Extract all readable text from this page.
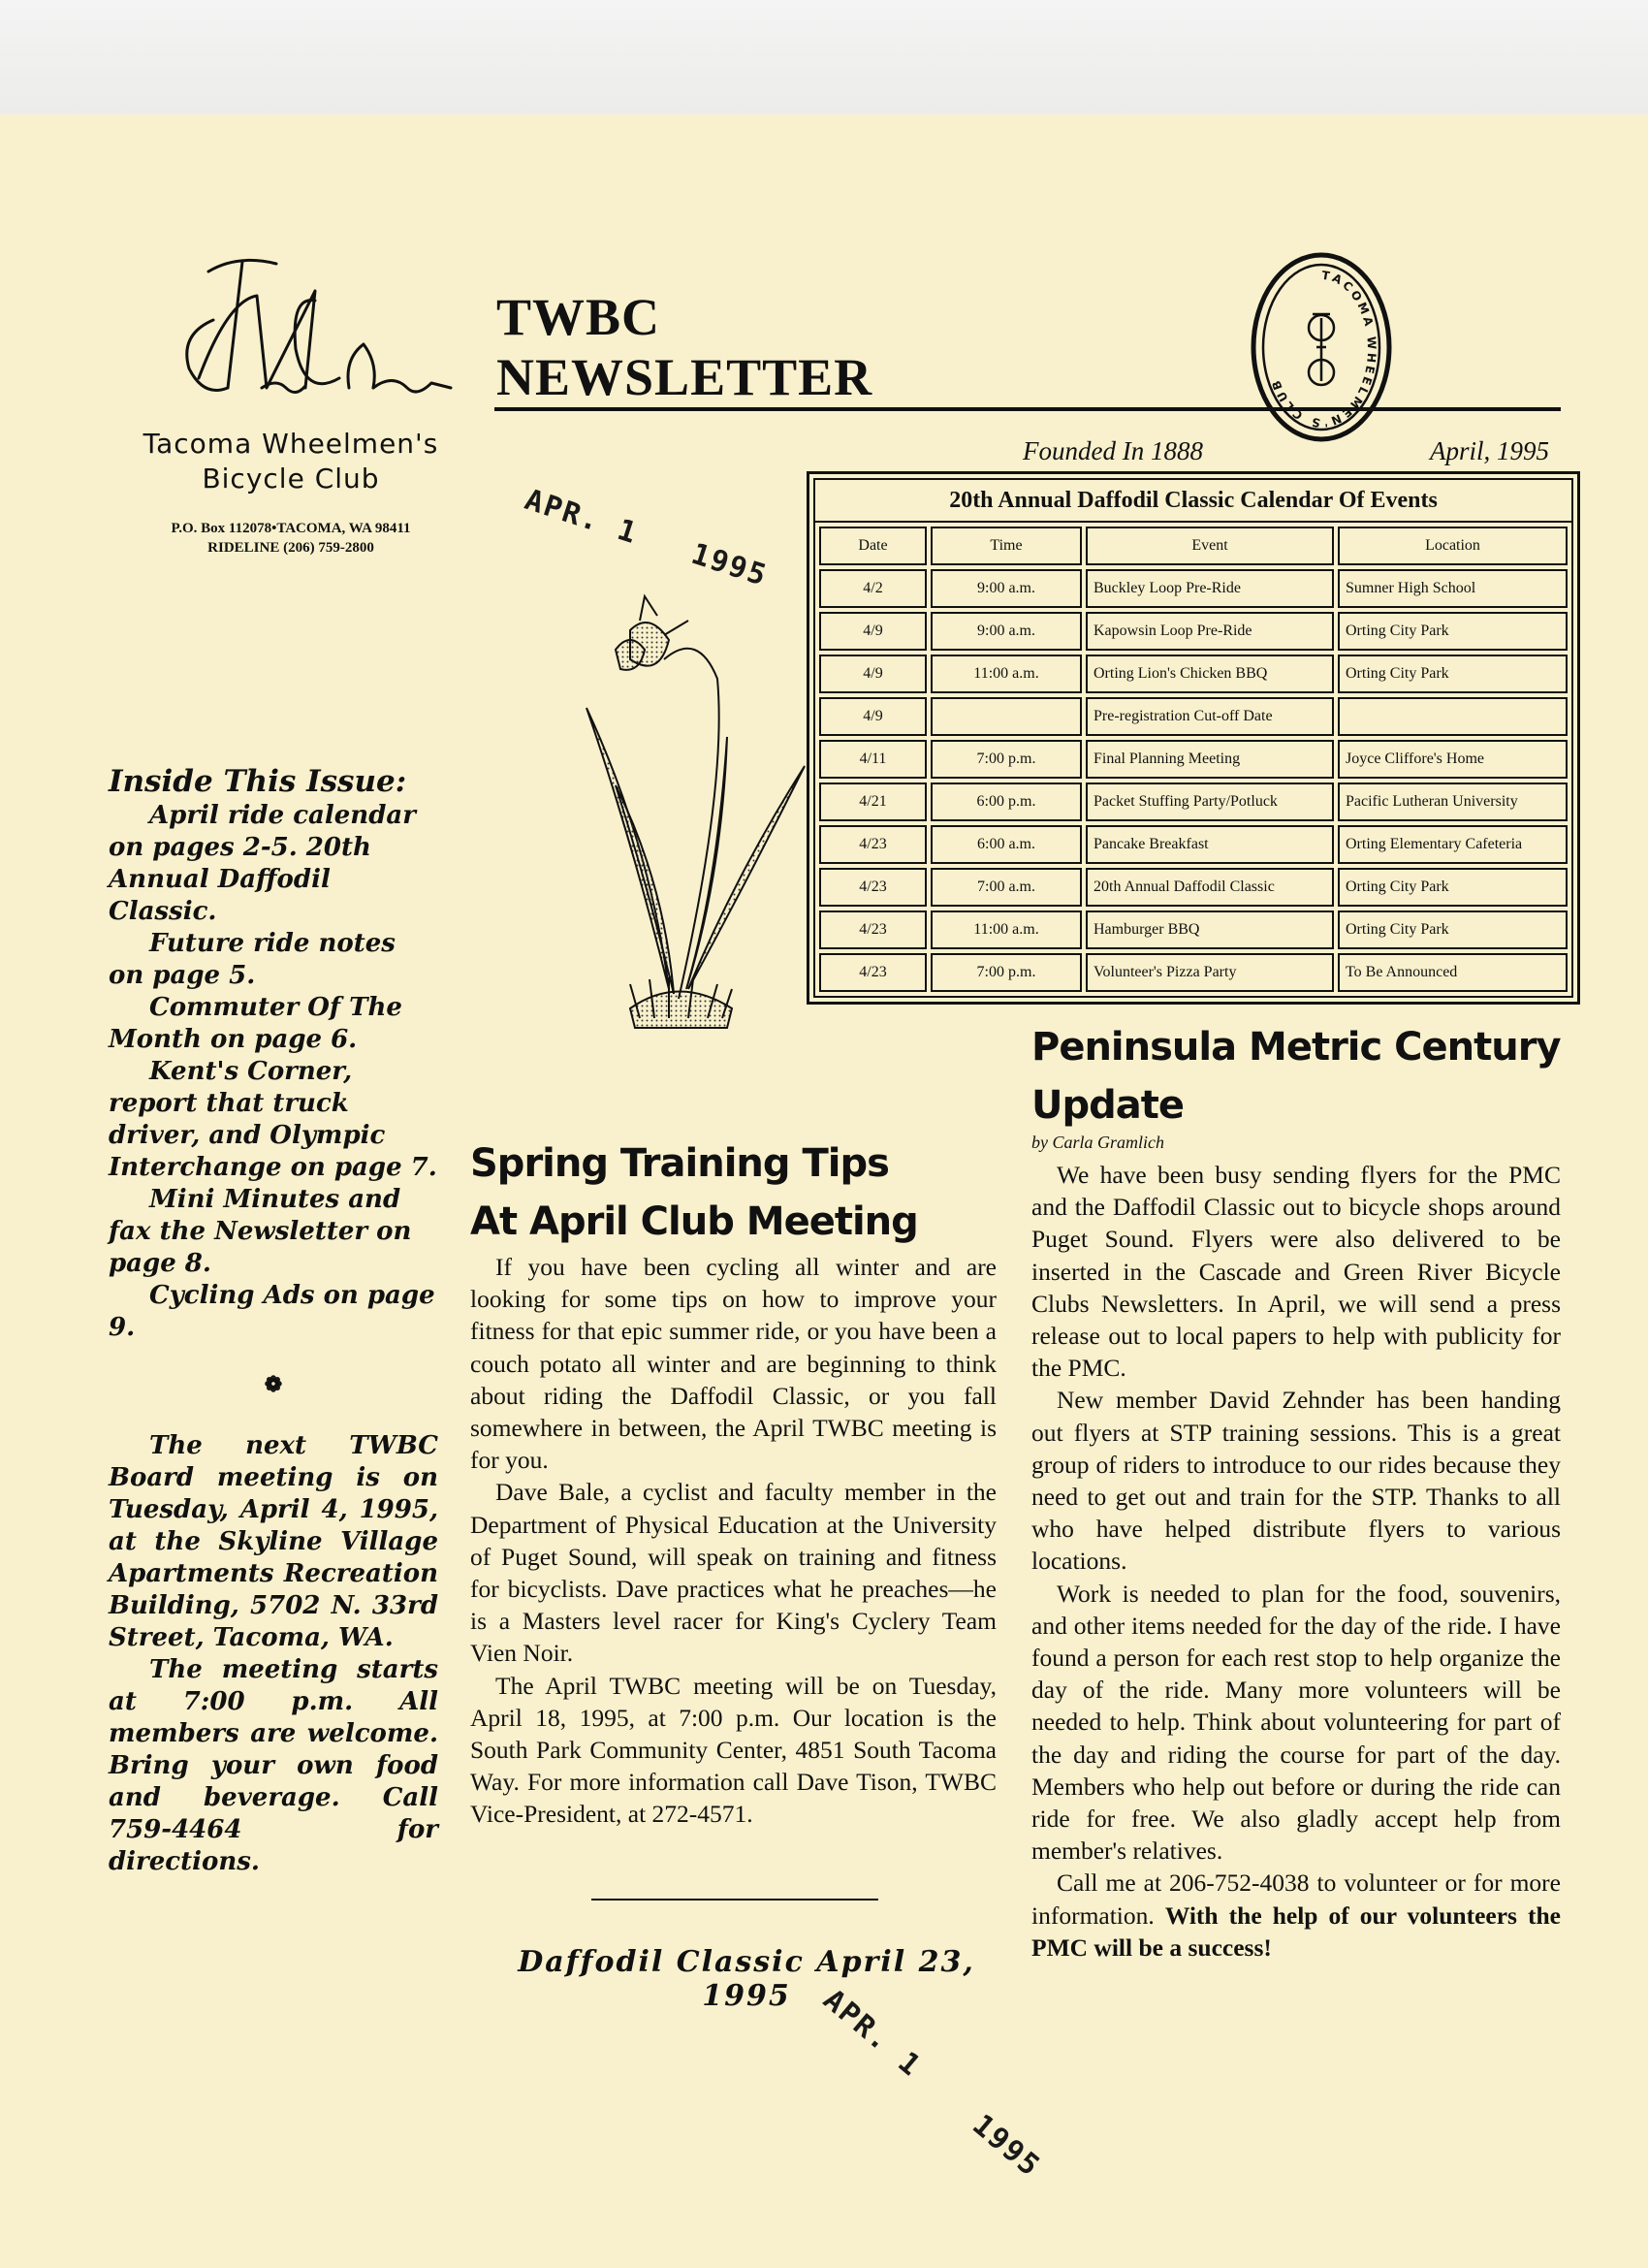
Tacoma Wheelmen's
Bicycle Club
P.O. Box 112078•TACOMA, WA 98411
RIDELINE (206) 759-2800
TWBC
NEWSLETTER
TACOMA WHEELMEN'S CLUB
Founded In 1888	April, 1995
APR. 1   1995
Inside This Issue:

April ride calendar on pages 2-5. 20th Annual Daffodil Classic.

Future ride notes on page 5.

Commuter Of The Month on page 6.

Kent's Corner, report that truck driver, and Olympic Interchange on page 7.

Mini Minutes and fax the Newsletter on page 8.

Cycling Ads on page 9.

❁

The next TWBC Board meeting is on Tuesday, April 4, 1995, at the Skyline Village Apartments Recreation Building, 5702 N. 33rd Street, Tacoma, WA.

The meeting starts at 7:00 p.m. All members are welcome. Bring your own food and beverage. Call 759-4464 for directions.

20th Annual Daffodil Classic Calendar Of Events
Date	Time	Event	Location
4/2	9:00 a.m.	Buckley Loop Pre-Ride	Sumner High School
4/9	9:00 a.m.	Kapowsin Loop Pre-Ride	Orting City Park
4/9	11:00 a.m.	Orting Lion's Chicken BBQ	Orting City Park
4/9		Pre-registration Cut-off Date	
4/11	7:00 p.m.	Final Planning Meeting	Joyce Cliffore's Home
4/21	6:00 p.m.	Packet Stuffing Party/Potluck	Pacific Lutheran University
4/23	6:00 a.m.	Pancake Breakfast	Orting Elementary Cafeteria
4/23	7:00 a.m.	20th Annual Daffodil Classic	Orting City Park
4/23	11:00 a.m.	Hamburger BBQ	Orting City Park
4/23	7:00 p.m.	Volunteer's Pizza Party	To Be Announced
Spring Training Tips
At April Club Meeting

If you have been cycling all winter and are looking for some tips on how to improve your fitness for that epic summer ride, or you have been a couch potato all winter and are beginning to think about riding the Daffodil Classic, or you fall somewhere in between, the April TWBC meeting is for you.

Dave Bale, a cyclist and faculty member in the Department of Physical Education at the University of Puget Sound, will speak on training and fitness for bicyclists. Dave practices what he preaches—he is a Masters level racer for King's Cyclery Team Vien Noir.

The April TWBC meeting will be on Tuesday, April 18, 1995, at 7:00 p.m. Our location is the South Park Community Center, 4851 South Tacoma Way. For more information call Dave Tison, TWBC Vice-President, at 272-4571.

Daffodil Classic April 23, 1995 APR. 1    1995
Peninsula Metric Century
Update
by Carla Gramlich

We have been busy sending flyers for the PMC and the Daffodil Classic out to bicycle shops around Puget Sound. Flyers were also delivered to be inserted in the Cascade and Green River Bicycle Clubs Newsletters. In April, we will send a press release out to local papers to help with publicity for the PMC.

New member David Zehnder has been handing out flyers at STP training sessions. This is a great group of riders to introduce to our rides because they need to get out and train for the STP. Thanks to all who have helped distribute flyers to various locations.

Work is needed to plan for the food, souvenirs, and other items needed for the day of the ride. I have found a person for each rest stop to help organize the day of the ride. Many more volunteers will be needed to help. Think about volunteering for part of the day and riding the course for part of the day. Members who help out before or during the ride can ride for free. We also gladly accept help from member's relatives.

Call me at 206-752-4038 to volunteer or for more information. With the help of our volunteers the PMC will be a success!
